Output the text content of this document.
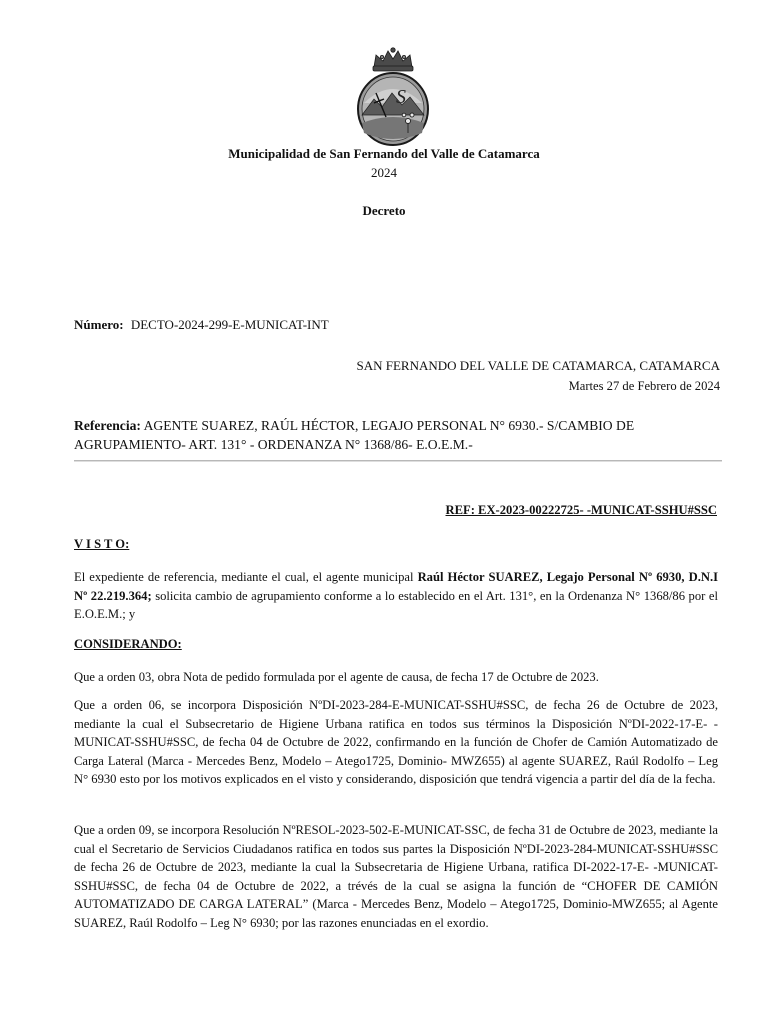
S
Municipalidad de San Fernando del Valle de Catamarca
2024
Decreto
Número: DECTO-2024-299-E-MUNICAT-INT
SAN FERNANDO DEL VALLE DE CATAMARCA, CATAMARCA
Martes 27 de Febrero de 2024
Referencia: AGENTE SUAREZ, RAÚL HÉCTOR, LEGAJO PERSONAL N° 6930.- S/CAMBIO DE
AGRUPAMIENTO- ART. 131° - ORDENANZA N° 1368/86- E.O.E.M.-
REF: EX-2023-00222725- -MUNICAT-SSHU#SSC
V I S T O:
El expediente de referencia, mediante el cual, el agente municipal Raúl Héctor SUAREZ, Legajo Personal Nº 6930, D.N.I Nº 22.219.364; solicita cambio de agrupamiento conforme a lo establecido en el Art. 131°, en la Ordenanza N° 1368/86 por el E.O.E.M.; y
CONSIDERANDO:
Que a orden 03, obra Nota de pedido formulada por el agente de causa, de fecha 17 de Octubre de 2023.
Que a orden 06, se incorpora Disposición NºDI-2023-284-E-MUNICAT-SSHU#SSC, de fecha 26 de Octubre de 2023, mediante la cual el Subsecretario de Higiene Urbana ratifica en todos sus términos la Disposición NºDI-2022-17-E- -MUNICAT-SSHU#SSC, de fecha 04 de Octubre de 2022, confirmando en la función de Chofer de Camión Automatizado de Carga Lateral (Marca - Mercedes Benz, Modelo – Atego1725, Dominio- MWZ655) al agente SUAREZ, Raúl Rodolfo – Leg N° 6930 esto por los motivos explicados en el visto y considerando, disposición que tendrá vigencia a partir del día de la fecha.
Que a orden 09, se incorpora Resolución NºRESOL-2023-502-E-MUNICAT-SSC, de fecha 31 de Octubre de 2023, mediante la cual el Secretario de Servicios Ciudadanos ratifica en todos sus partes la Disposición NºDI-2023-284-MUNICAT-SSHU#SSC de fecha 26 de Octubre de 2023, mediante la cual la Subsecretaria de Higiene Urbana, ratifica DI-2022-17-E- -MUNICAT-SSHU#SSC, de fecha 04 de Octubre de 2022, a trévés de la cual se asigna la función de “CHOFER DE CAMIÓN AUTOMATIZADO DE CARGA LATERAL” (Marca - Mercedes Benz, Modelo – Atego1725, Dominio-MWZ655; al Agente SUAREZ, Raúl Rodolfo – Leg N° 6930; por las razones enunciadas en el exordio.
